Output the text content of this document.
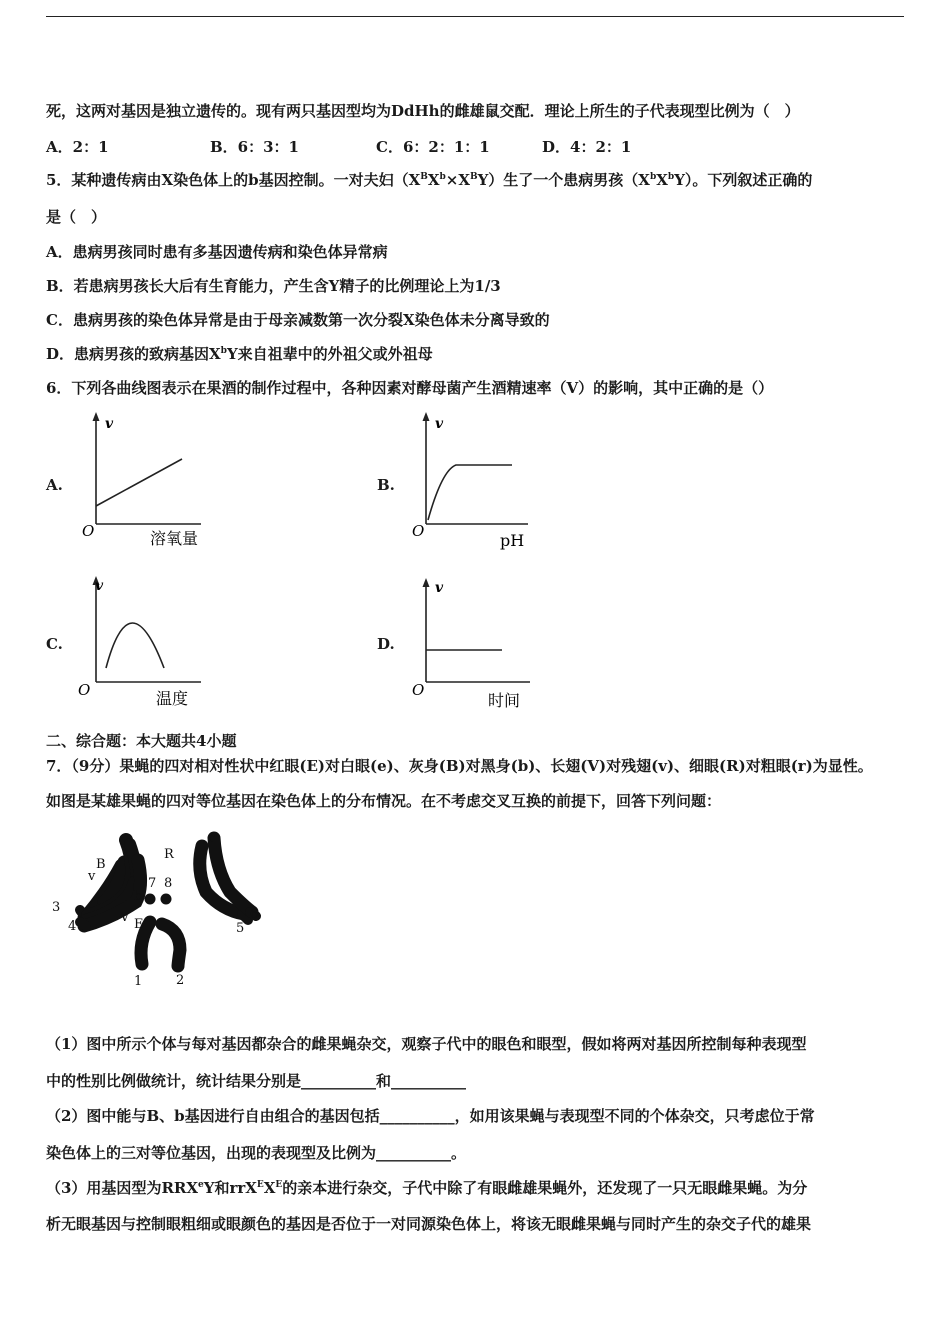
死，这两对基因是独立遗传的。现有两只基因型均为DdHh的雌雄鼠交配．理论上所生的子代表现型比例为（　）
A．2：1	B．6：3：1	C．6：2：1：1	D．4：2：1
5．某种遗传病由X染色体上的b基因控制。一对夫妇$(X^BX^b\times X^BY)$生了一个患病男孩$(X^bX^bY)$。下列叙述正确的
是（　）
A．患病男孩同时患有多基因遗传病和染色体异常病
B．若患病男孩长大后有生育能力，产生含Y精子的比例理论上为1/3
C．患病男孩的染色体异常是由于母亲减数第一次分裂X染色体未分离导致的
D．患病男孩的致病基因$X^bY$来自祖辈中的外祖父或外祖母
6．下列各曲线图表示在果酒的制作过程中，各种因素对酵母菌产生酒精速率（V）的影响，其中正确的是（）
A.
v
O	溶氧量
B.
v
O	pH
C.
v
O	温度
D.
v
O
时间
二、综合题：本大题共4小题
7．（9分）果蝇的四对相对性状中红眼(E)对白眼(e)、灰身(B)对黑身(b)、长翅(V)对残翅(v)、细眼(R)对粗眼(r)为显性。
如图是某雄果蝇的四对等位基因在染色体上的分布情况。在不考虑交叉互换的前提下，回答下列问题：
B
v
3
4
b
V E
7 8
R
r
5
6
1	2
（1）图中所示个体与每对基因都杂合的雌果蝇杂交，观察子代中的眼色和眼型，假如将两对基因所控制每种表现型
中的性别比例做统计，统计结果分别是__________和__________
（2）图中能与B、b基因进行自由组合的基因包括__________，如用该果蝇与表现型不同的个体杂交，只考虑位于常
染色体上的三对等位基因，出现的表现型及比例为__________。
（3）用基因型为RRX$^e$Y和$rrX^EX^E$的亲本进行杂交，子代中除了有眼雌雄果蝇外，还发现了一只无眼雌果蝇。为分
析无眼基因与控制眼粗细或眼颜色的基因是否位于一对同源染色体上，将该无眼雌果蝇与同时产生的杂交子代的雄果
